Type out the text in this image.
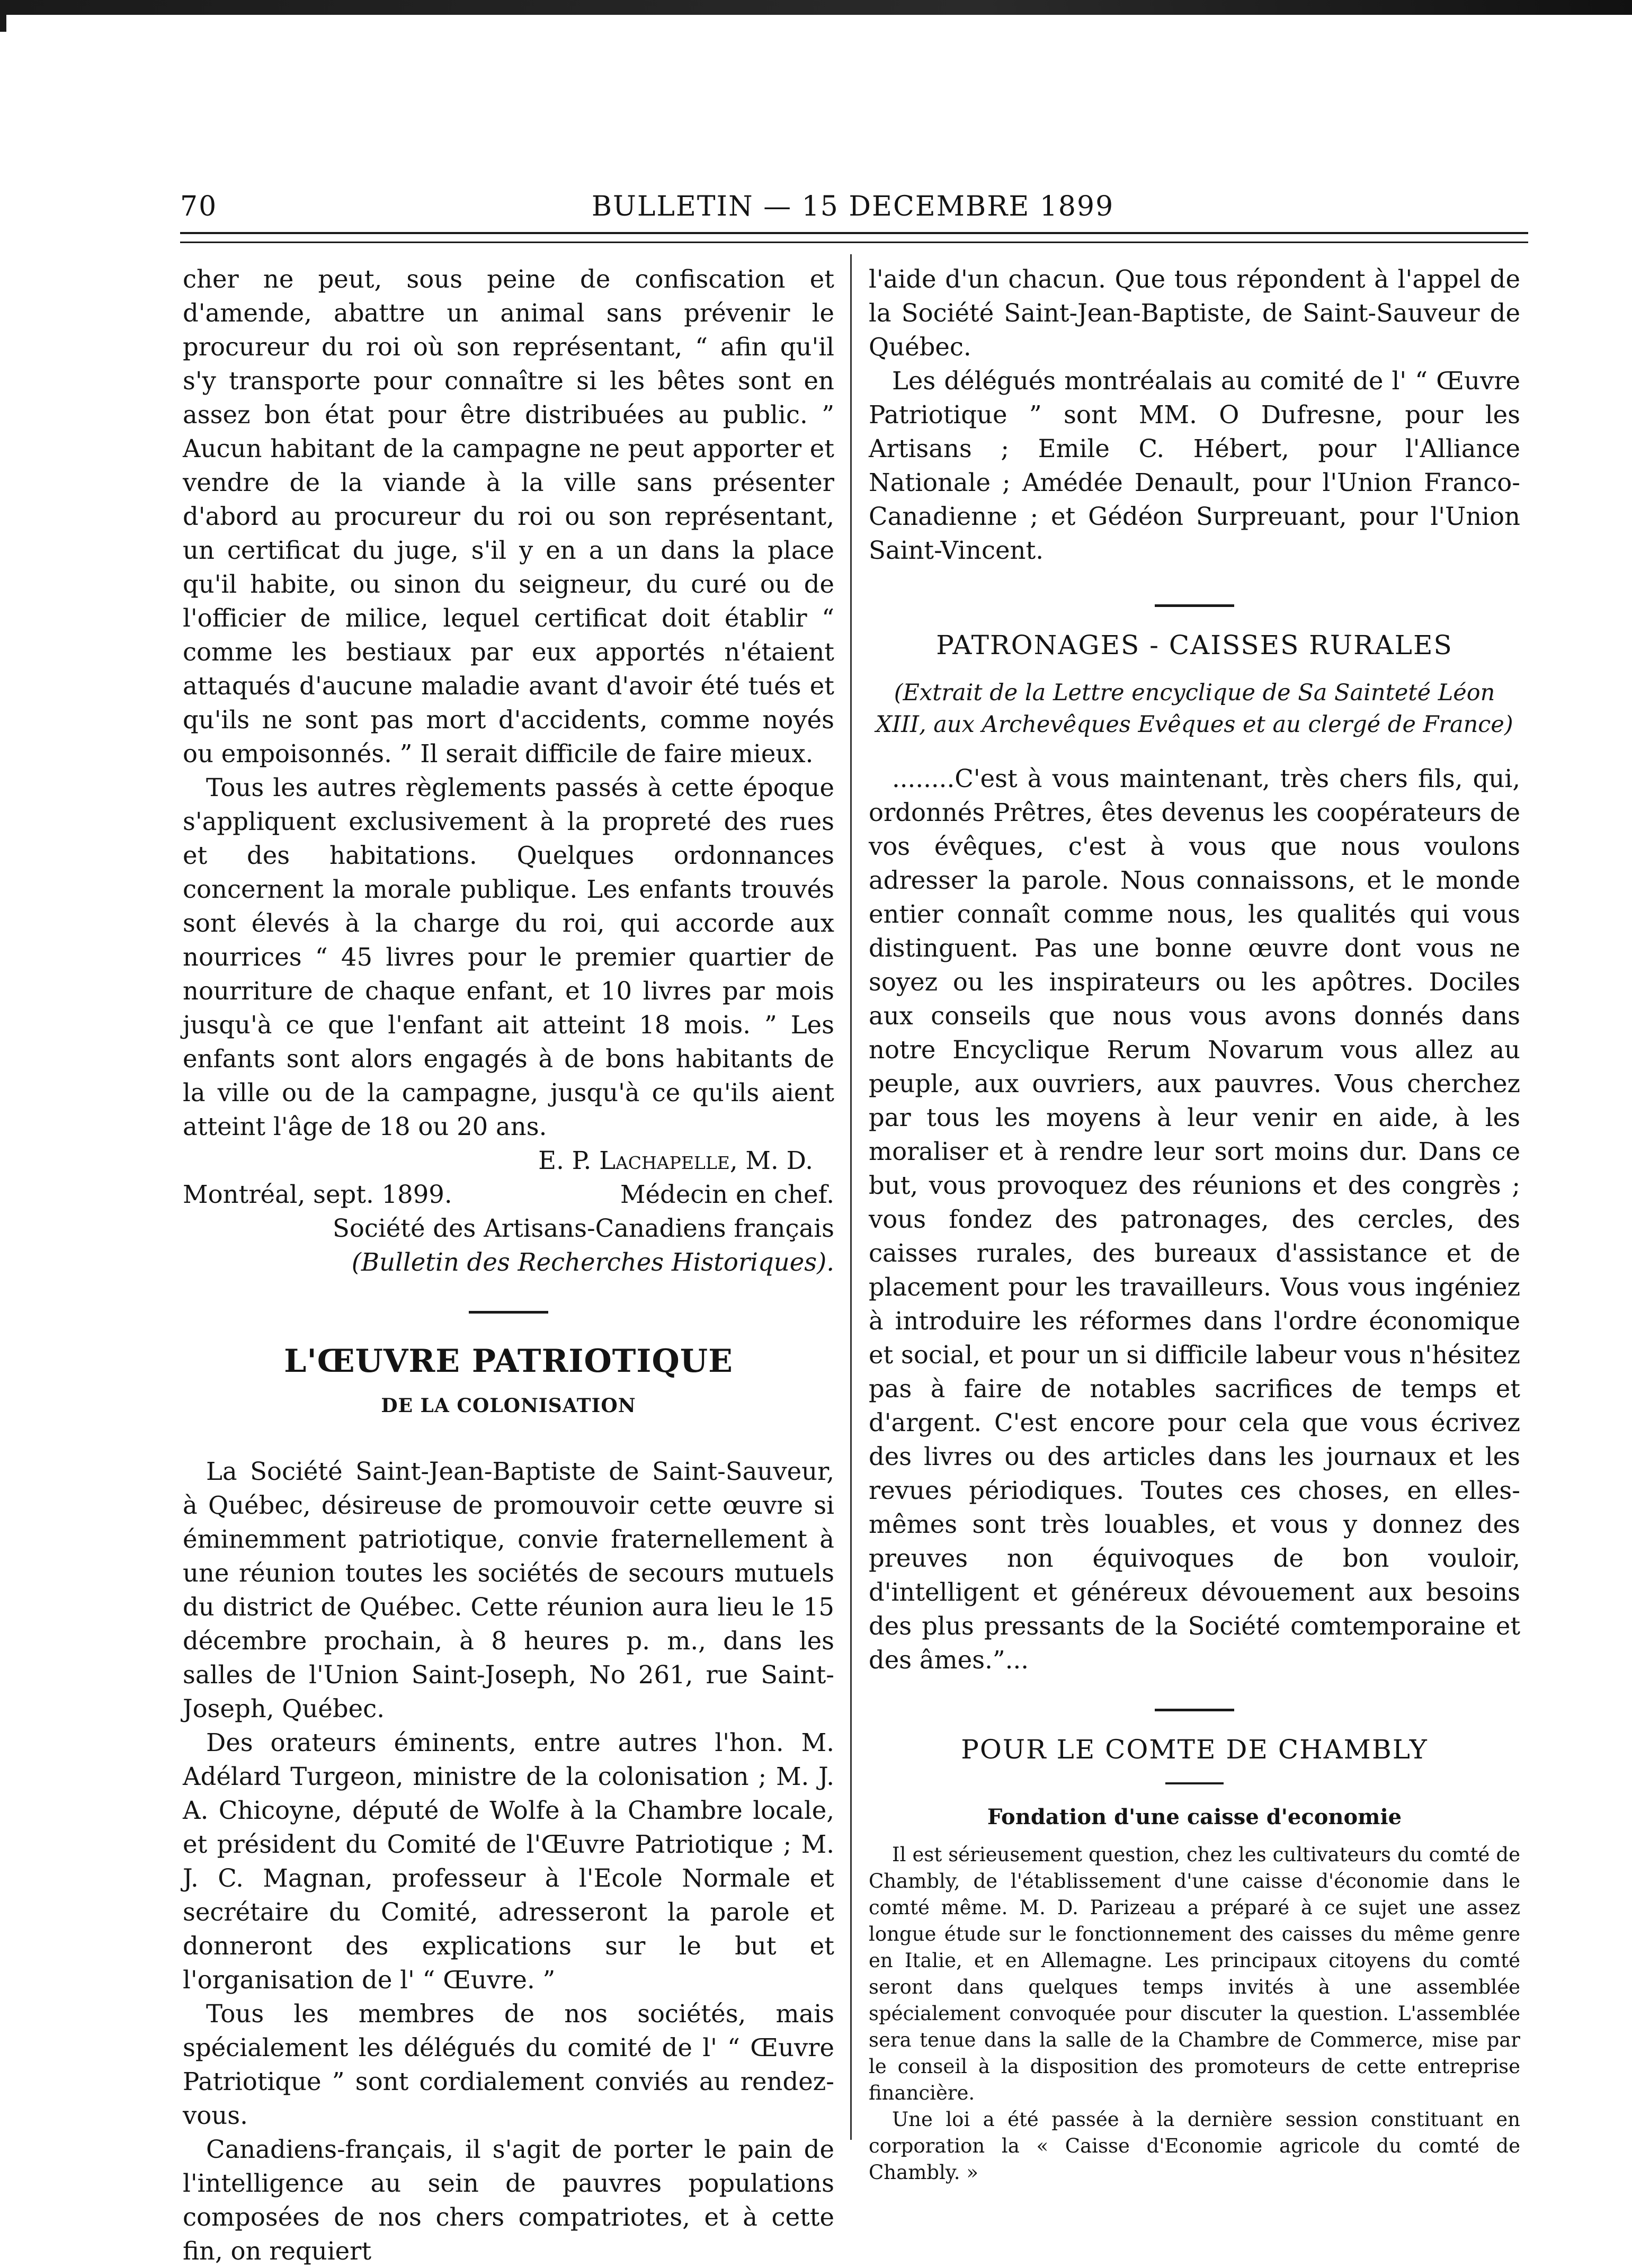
70	BULLETIN — 15 DECEMBRE 1899

cher ne peut, sous peine de confiscation et d'amende, abattre un animal sans prévenir le procureur du roi où son représentant, “ afin qu'il s'y transporte pour connaître si les bêtes sont en assez bon état pour être distribuées au public. ” Aucun habitant de la campagne ne peut apporter et vendre de la viande à la ville sans présenter d'abord au procureur du roi ou son représentant, un certificat du juge, s'il y en a un dans la place qu'il habite, ou sinon du seigneur, du curé ou de l'officier de milice, lequel certificat doit établir “ comme les bestiaux par eux apportés n'étaient attaqués d'aucune maladie avant d'avoir été tués et qu'ils ne sont pas mort d'accidents, comme noyés ou empoisonnés. ” Il serait difficile de faire mieux.

Tous les autres règlements passés à cette époque s'appliquent exclusivement à la propreté des rues et des habitations. Quelques ordonnances concernent la morale publique. Les enfants trouvés sont élevés à la charge du roi, qui accorde aux nourrices “ 45 livres pour le premier quartier de nourriture de chaque enfant, et 10 livres par mois jusqu'à ce que l'enfant ait atteint 18 mois. ” Les enfants sont alors engagés à de bons habitants de la ville ou de la campagne, jusqu'à ce qu'ils aient atteint l'âge de 18 ou 20 ans.

E. P. Lachapelle, M. D.

Montréal, sept. 1899.	Médecin en chef.

Société des Artisans-Canadiens français

(Bulletin des Recherches Historiques).

L'ŒUVRE PATRIOTIQUE
DE LA COLONISATION

La Société Saint-Jean-Baptiste de Saint-Sauveur, à Québec, désireuse de promouvoir cette œuvre si éminemment patriotique, convie fraternellement à une réunion toutes les sociétés de secours mutuels du district de Québec. Cette réunion aura lieu le 15 décembre prochain, à 8 heures p. m., dans les salles de l'Union Saint-Joseph, No 261, rue Saint-Joseph, Québec.

Des orateurs éminents, entre autres l'hon. M. Adélard Turgeon, ministre de la colonisation ; M. J. A. Chicoyne, député de Wolfe à la Chambre locale, et président du Comité de l'Œuvre Patriotique ; M. J. C. Magnan, professeur à l'Ecole Normale et secrétaire du Comité, adresseront la parole et donneront des explications sur le but et l'organisation de l' “ Œuvre. ”

Tous les membres de nos sociétés, mais spécialement les délégués du comité de l' “ Œuvre Patriotique ” sont cordialement conviés au rendez-vous.

Canadiens-français, il s'agit de porter le pain de l'intelligence au sein de pauvres populations composées de nos chers compatriotes, et à cette fin, on requiert

l'aide d'un chacun. Que tous répondent à l'appel de la Société Saint-Jean-Baptiste, de Saint-Sauveur de Québec.

Les délégués montréalais au comité de l' “ Œuvre Patriotique ” sont MM. O Dufresne, pour les Artisans ; Emile C. Hébert, pour l'Alliance Nationale ; Amédée Denault, pour l'Union Franco-Canadienne ; et Gédéon Surpreuant, pour l'Union Saint-Vincent.

PATRONAGES - CAISSES RURALES

(Extrait de la Lettre encyclique de Sa Sainteté Léon XIII, aux Archevêques Evêques et au clergé de France)

........C'est à vous maintenant, très chers fils, qui, ordonnés Prêtres, êtes devenus les coopérateurs de vos évêques, c'est à vous que nous voulons adresser la parole. Nous connaissons, et le monde entier connaît comme nous, les qualités qui vous distinguent. Pas une bonne œuvre dont vous ne soyez ou les inspirateurs ou les apôtres. Dociles aux conseils que nous vous avons donnés dans notre Encyclique Rerum Novarum vous allez au peuple, aux ouvriers, aux pauvres. Vous cherchez par tous les moyens à leur venir en aide, à les moraliser et à rendre leur sort moins dur. Dans ce but, vous provoquez des réunions et des congrès ; vous fondez des patronages, des cercles, des caisses rurales, des bureaux d'assistance et de placement pour les travailleurs. Vous vous ingéniez à introduire les réformes dans l'ordre économique et social, et pour un si difficile labeur vous n'hésitez pas à faire de notables sacrifices de temps et d'argent. C'est encore pour cela que vous écrivez des livres ou des articles dans les journaux et les revues périodiques. Toutes ces choses, en elles-mêmes sont très louables, et vous y donnez des preuves non équivoques de bon vouloir, d'intelligent et généreux dévouement aux besoins des plus pressants de la Société comtemporaine et des âmes.”...

POUR LE COMTE DE CHAMBLY
Fondation d'une caisse d'economie

Il est sérieusement question, chez les cultivateurs du comté de Chambly, de l'établissement d'une caisse d'économie dans le comté même. M. D. Parizeau a préparé à ce sujet une assez longue étude sur le fonctionnement des caisses du même genre en Italie, et en Allemagne. Les principaux citoyens du comté seront dans quelques temps invités à une assemblée spécialement convoquée pour discuter la question. L'assemblée sera tenue dans la salle de la Chambre de Commerce, mise par le conseil à la disposition des promoteurs de cette entreprise financière.

Une loi a été passée à la dernière session constituant en corporation la « Caisse d'Economie agricole du comté de Chambly. »
